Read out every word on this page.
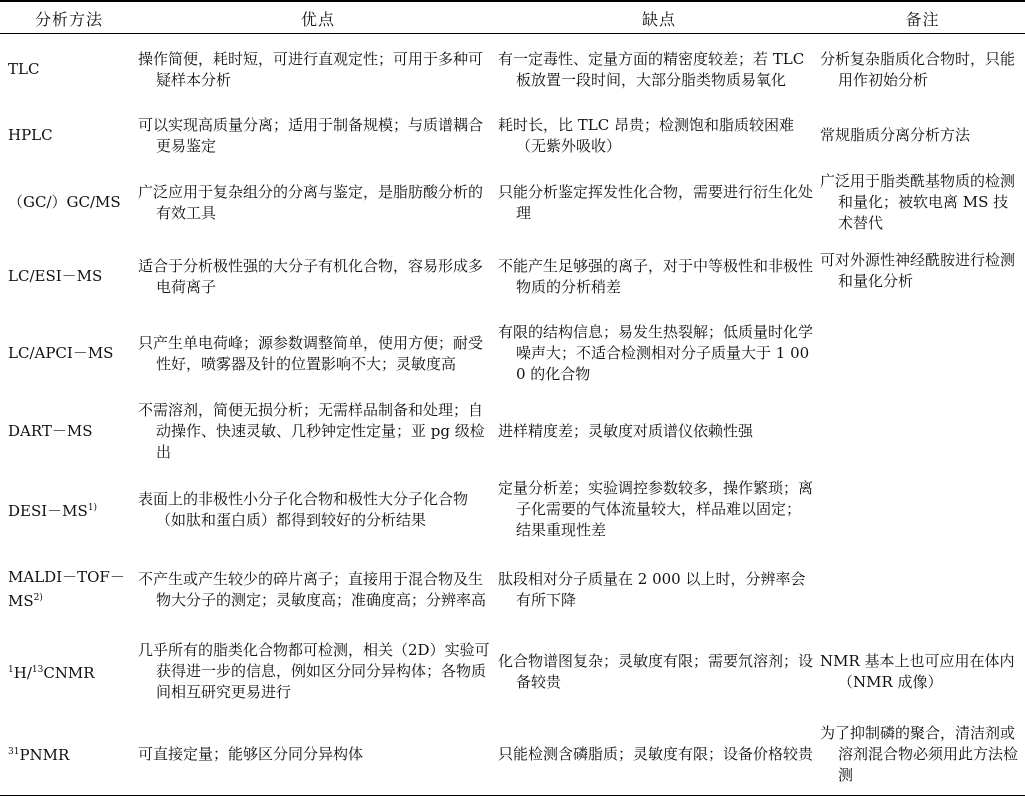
分析方法	优点	缺点	备注
TLC	操作简便，耗时短，可进行直观定性；可用于多种可疑样本分析	有一定毒性、定量方面的精密度较差；若 TLC 板放置一段时间，大部分脂类物质易氧化	分析复杂脂质化合物时，只能用作初始分析
HPLC	可以实现高质量分离；适用于制备规模；与质谱耦合更易鉴定	耗时长，比 TLC 昂贵；检测饱和脂质较困难（无紫外吸收）	常规脂质分离分析方法
（GC/）GC/MS	广泛应用于复杂组分的分离与鉴定，是脂肪酸分析的有效工具	只能分析鉴定挥发性化合物，需要进行衍生化处理	广泛用于脂类酰基物质的检测和量化；被软电离 MS 技术替代
LC/ESI－MS	适合于分析极性强的大分子有机化合物，容易形成多电荷离子	不能产生足够强的离子，对于中等极性和非极性物质的分析稍差	可对外源性神经酰胺进行检测和量化分析
LC/APCI－MS	只产生单电荷峰；源参数调整简单，使用方便；耐受性好，喷雾器及针的位置影响不大；灵敏度高	有限的结构信息；易发生热裂解；低质量时化学噪声大；不适合检测相对分子质量大于 1 000 的化合物	
DART－MS	不需溶剂，简便无损分析；无需样品制备和处理；自动操作、快速灵敏、几秒钟定性定量；亚 pg 级检出	进样精度差；灵敏度对质谱仪依赖性强	
$DESI-MS^{1)}$	表面上的非极性小分子化合物和极性大分子化合物（如肽和蛋白质）都得到较好的分析结果	定量分析差；实验调控参数较多，操作繁琐；离子化需要的气体流量较大，样品难以固定；结果重现性差	
$MALDI-TOF-MS^{2)}$	不产生或产生较少的碎片离子；直接用于混合物及生物大分子的测定；灵敏度高；准确度高；分辨率高	肽段相对分子质量在 2 000 以上时，分辨率会有所下降	
$^1$H/$^{13}$CNMR	几乎所有的脂类化合物都可检测，相关（2D）实验可获得进一步的信息，例如区分同分异构体；各物质间相互研究更易进行	化合物谱图复杂；灵敏度有限；需要氘溶剂；设备较贵	NMR 基本上也可应用在体内（NMR 成像）
$^{31}$PNMR	可直接定量；能够区分同分异构体	只能检测含磷脂质；灵敏度有限；设备价格较贵	为了抑制磷的聚合，清洁剂或溶剂混合物必须用此方法检测
